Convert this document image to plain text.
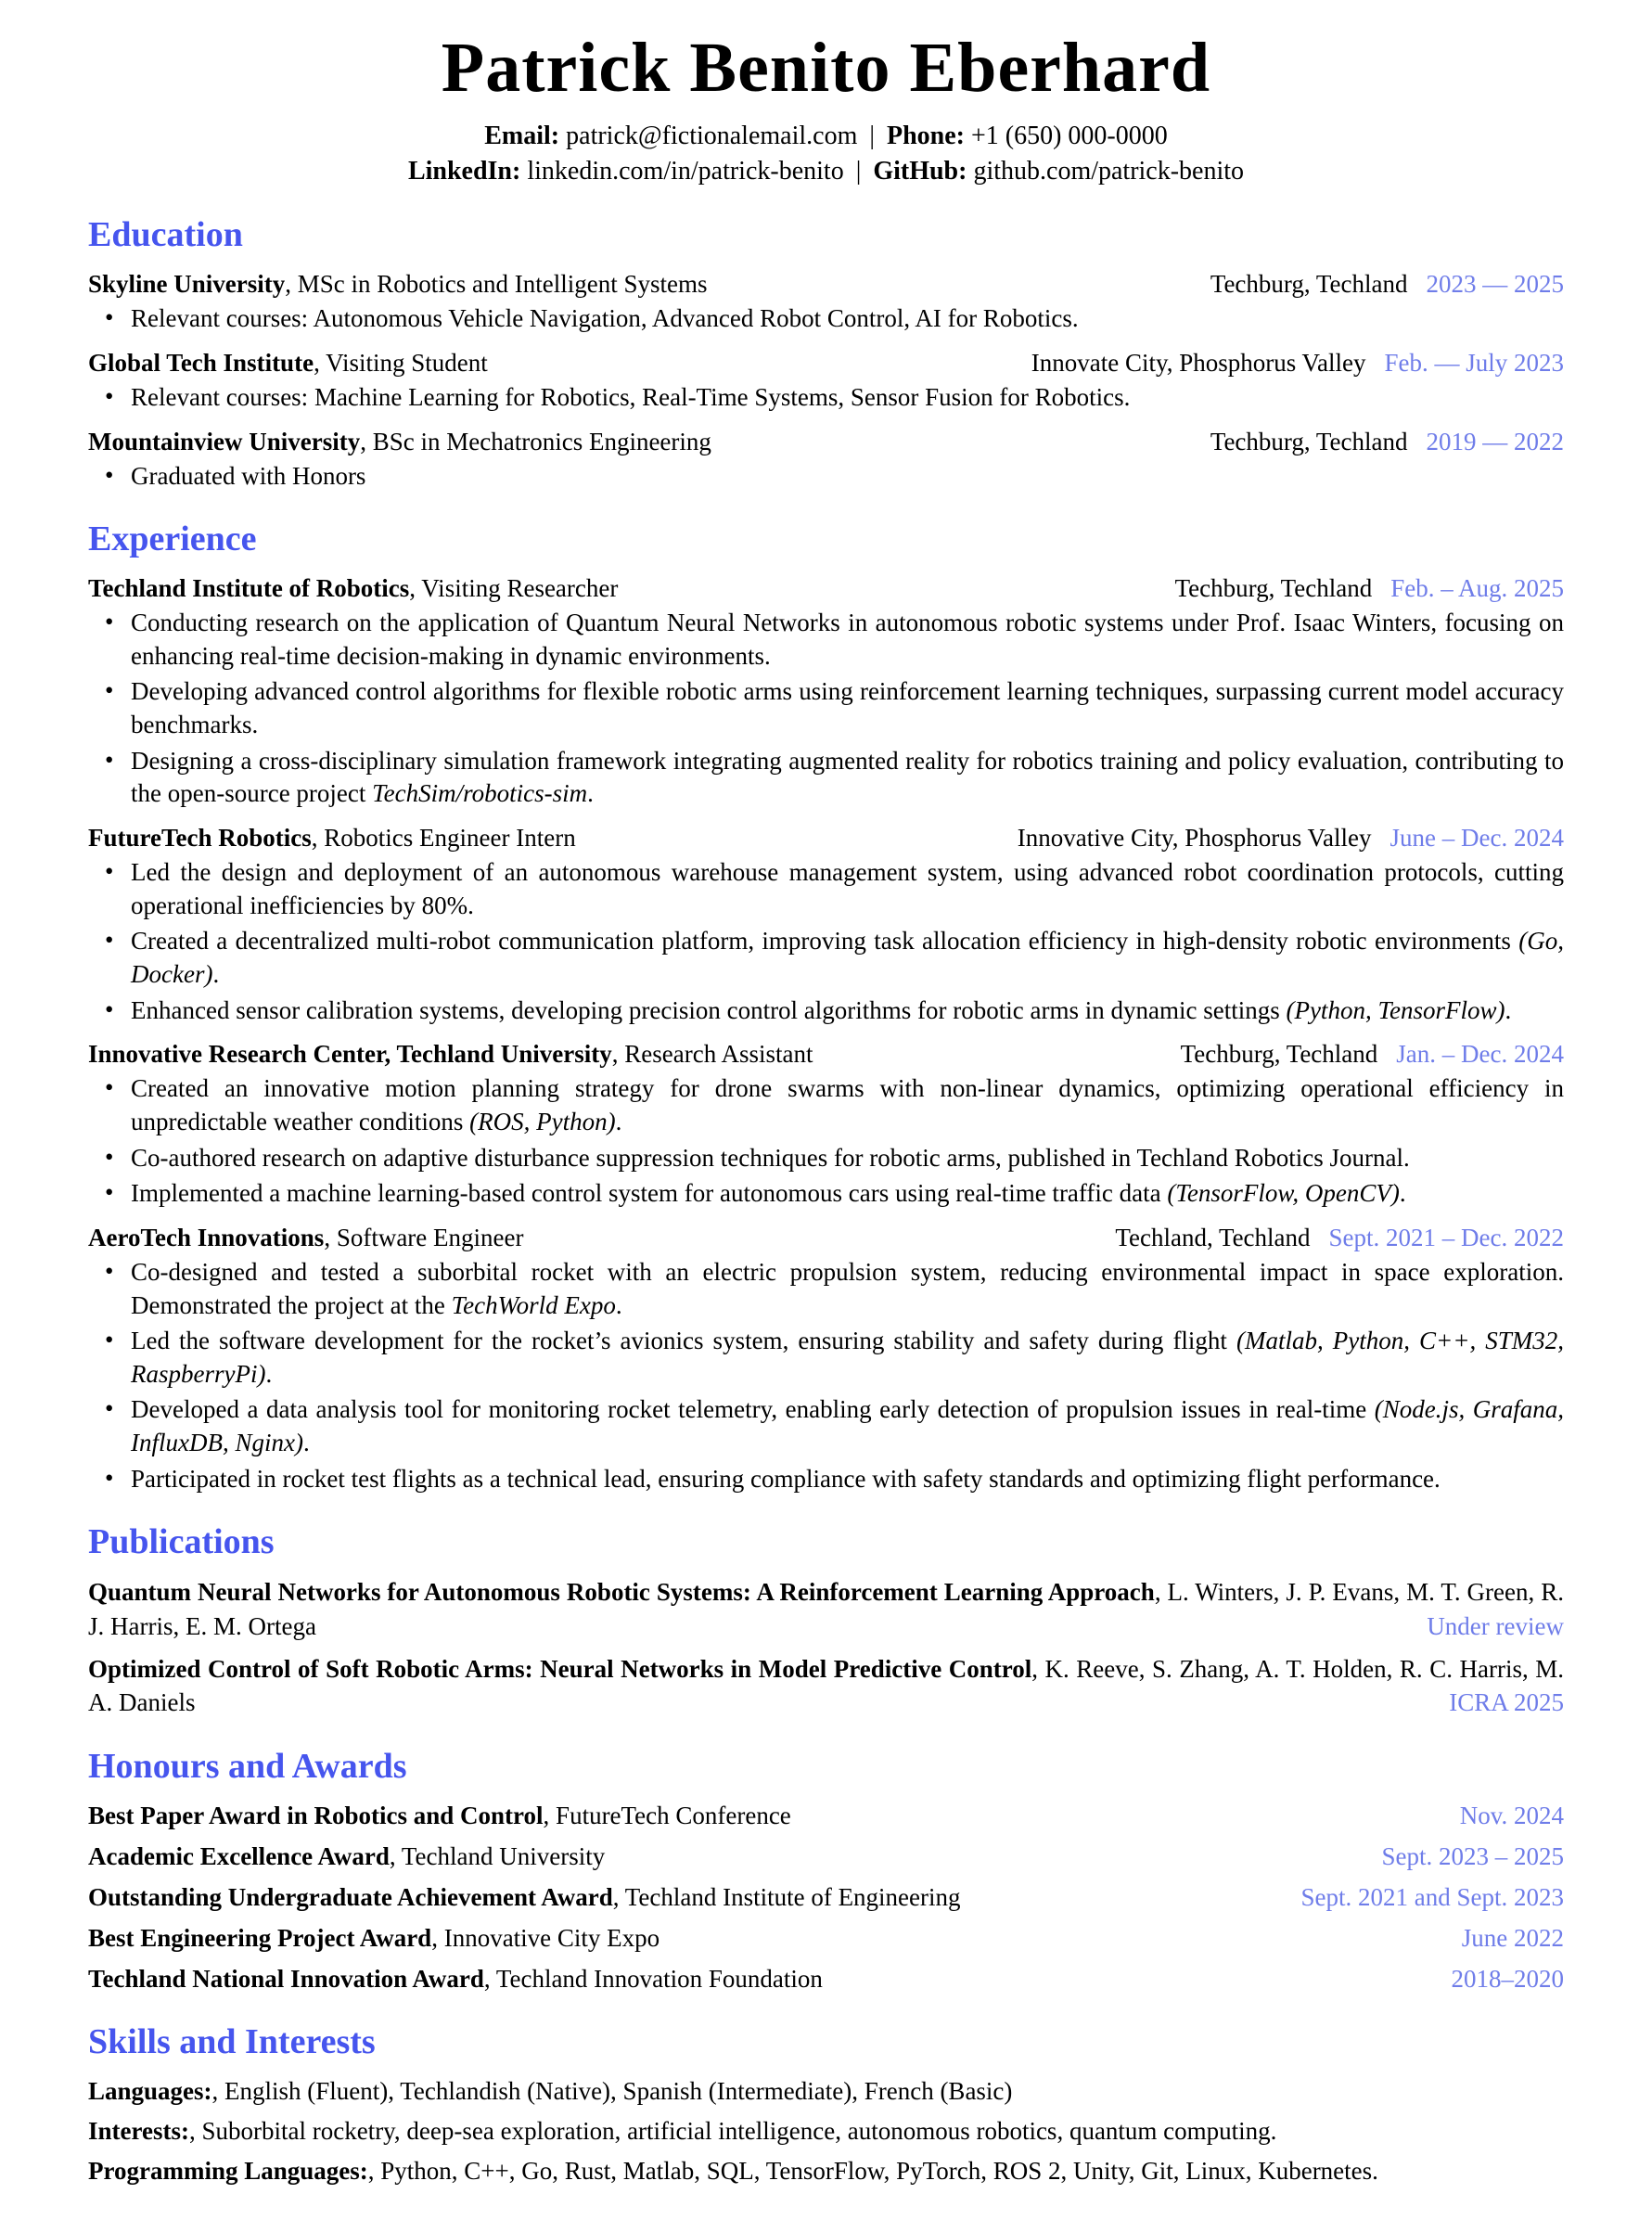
Patrick Benito Eberhard
Email: patrick@fictionalemail.com | Phone: +1 (650) 000-0000
LinkedIn: linkedin.com/in/patrick-benito | GitHub: github.com/patrick-benito
Education
Skyline University, MSc in Robotics and Intelligent Systems	Techburg, Techland 2023 — 2025
• Relevant courses: Autonomous Vehicle Navigation, Advanced Robot Control, AI for Robotics.
Global Tech Institute, Visiting Student	Innovate City, Phosphorus Valley Feb. — July 2023
• Relevant courses: Machine Learning for Robotics, Real-Time Systems, Sensor Fusion for Robotics.
Mountainview University, BSc in Mechatronics Engineering	Techburg, Techland 2019 — 2022
• Graduated with Honors
Experience
Techland Institute of Robotics, Visiting Researcher	Techburg, Techland Feb. – Aug. 2025
• Conducting research on the application of Quantum Neural Networks in autonomous robotic systems under Prof. Isaac Winters, focusing on enhancing real-time decision-making in dynamic environments.
• Developing advanced control algorithms for flexible robotic arms using reinforcement learning techniques, surpassing current model accuracy benchmarks.
• Designing a cross-disciplinary simulation framework integrating augmented reality for robotics training and policy evaluation, contributing to the open-source project TechSim/robotics-sim.
FutureTech Robotics, Robotics Engineer Intern	Innovative City, Phosphorus Valley June – Dec. 2024
• Led the design and deployment of an autonomous warehouse management system, using advanced robot coordination protocols, cutting operational inefficiencies by 80%.
• Created a decentralized multi-robot communication platform, improving task allocation efficiency in high-density robotic environments (Go, Docker).
• Enhanced sensor calibration systems, developing precision control algorithms for robotic arms in dynamic settings (Python, TensorFlow).
Innovative Research Center, Techland University, Research Assistant	Techburg, Techland Jan. – Dec. 2024
• Created an innovative motion planning strategy for drone swarms with non-linear dynamics, optimizing operational efficiency in unpredictable weather conditions (ROS, Python).
• Co-authored research on adaptive disturbance suppression techniques for robotic arms, published in Techland Robotics Journal.
• Implemented a machine learning-based control system for autonomous cars using real-time traffic data (TensorFlow, OpenCV).
AeroTech Innovations, Software Engineer	Techland, Techland Sept. 2021 – Dec. 2022
• Co-designed and tested a suborbital rocket with an electric propulsion system, reducing environmental impact in space exploration. Demonstrated the project at the TechWorld Expo.
• Led the software development for the rocket’s avionics system, ensuring stability and safety during flight (Matlab, Python, C++, STM32, RaspberryPi).
• Developed a data analysis tool for monitoring rocket telemetry, enabling early detection of propulsion issues in real-time (Node.js, Grafana, InfluxDB, Nginx).
• Participated in rocket test flights as a technical lead, ensuring compliance with safety standards and optimizing flight performance.
Publications
Quantum Neural Networks for Autonomous Robotic Systems: A Reinforcement Learning Approach, L. Winters, J. P. Evans, M. T. Green, R. J. Harris, E. M. Ortega	Under review
Optimized Control of Soft Robotic Arms: Neural Networks in Model Predictive Control, K. Reeve, S. Zhang, A. T. Holden, R. C. Harris, M. A. Daniels	ICRA 2025
Honours and Awards
Best Paper Award in Robotics and Control, FutureTech Conference	Nov. 2024
Academic Excellence Award, Techland University	Sept. 2023 – 2025
Outstanding Undergraduate Achievement Award, Techland Institute of Engineering	Sept. 2021 and Sept. 2023
Best Engineering Project Award, Innovative City Expo	June 2022
Techland National Innovation Award, Techland Innovation Foundation	2018–2020
Skills and Interests
Languages:, English (Fluent), Techlandish (Native), Spanish (Intermediate), French (Basic)
Interests:, Suborbital rocketry, deep-sea exploration, artificial intelligence, autonomous robotics, quantum computing.
Programming Languages:, Python, C++, Go, Rust, Matlab, SQL, TensorFlow, PyTorch, ROS 2, Unity, Git, Linux, Kubernetes.
